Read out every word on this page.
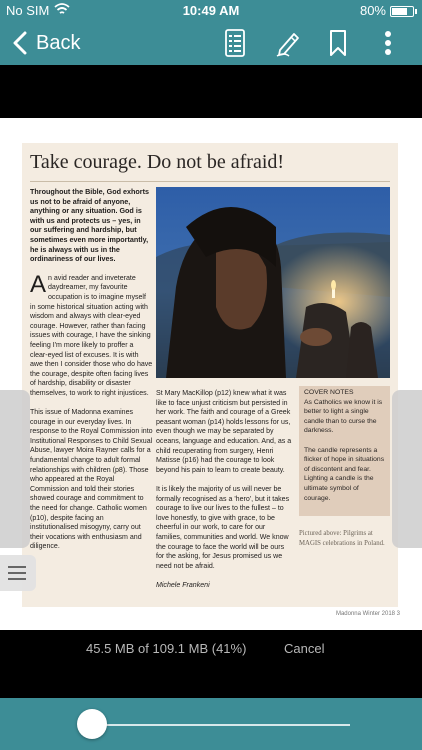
No SIM	10:49 AM	80%
Back
Take courage. Do not be afraid!
Throughout the Bible, God exhorts us not to be afraid of anyone, anything or any situation. God is with us and protects us – yes, in our suffering and hardship, but sometimes even more importantly, he is always with us in the ordinariness of our lives.

An avid reader and inveterate daydreamer, my favourite occupation is to imagine myself in some historical situation acting with wisdom and always with clear-eyed courage. However, rather than facing issues with courage, I have the sinking feeling I'm more likely to proffer a clear-eyed list of excuses. It is with awe then I consider those who do have the courage, despite often facing lives of hardship, disability or disaster themselves, to work to right injustices.

This issue of Madonna examines courage in our everyday lives. In response to the Royal Commission into Institutional Responses to Child Sexual Abuse, lawyer Moira Rayner calls for a fundamental change to adult formal relationships with children (p8). Those who appeared at the Royal Commission and told their stories showed courage and commitment to the need for change. Catholic women (p10), despite facing an institutionalised misogyny, carry out their vocations with enthusiasm and diligence.

St Mary MacKillop (p12) knew what it was like to face unjust criticism but persisted in her work. The faith and courage of a Greek peasant woman (p14) holds lessons for us, even though we may be separated by oceans, language and education. And, as a child recuperating from surgery, Henri Matisse (p16) had the courage to look beyond his pain to learn to create beauty.

It is likely the majority of us will never be formally recognised as a 'hero', but it takes courage to live our lives to the fullest – to love honestly, to give with grace, to be cheerful in our work, to care for our families, communities and world. We know the courage to face the world will be ours for the asking, for Jesus promised us we need not be afraid.

Michele Frankeni

COVER NOTES

As Catholics we know it is better to light a single candle than to curse the darkness.

The candle represents a flicker of hope in situations of discontent and fear. Lighting a candle is the ultimate symbol of courage.

Pictured above: Pilgrims at MAGIS celebrations in Poland.
Madonna Winter 2018 3
45.5 MB of 109.1 MB (41%)	Cancel
